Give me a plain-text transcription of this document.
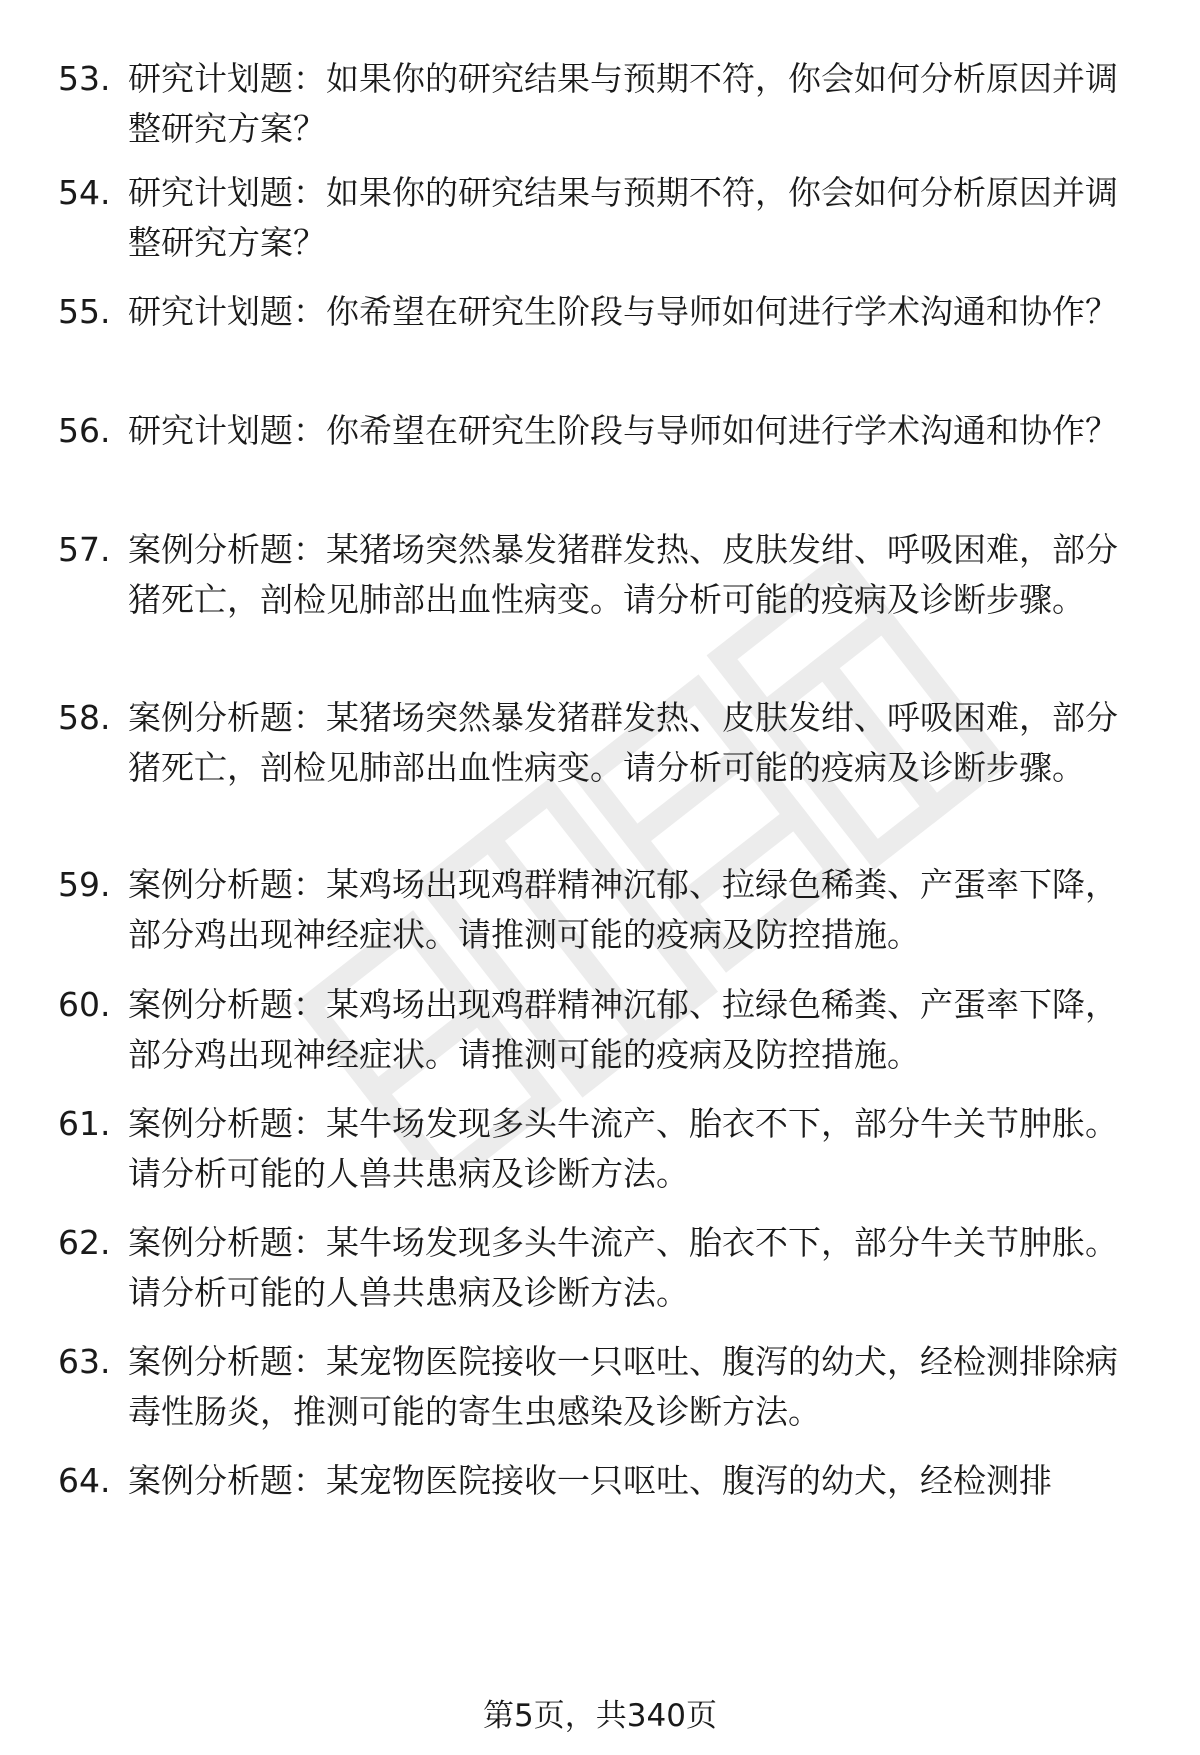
53. 研究计划题：如果你的研究结果与预期不符，你会如何分析原因并调整研究方案？
54. 研究计划题：如果你的研究结果与预期不符，你会如何分析原因并调整研究方案？
55. 研究计划题：你希望在研究生阶段与导师如何进行学术沟通和协作？
56. 研究计划题：你希望在研究生阶段与导师如何进行学术沟通和协作？
57. 案例分析题：某猪场突然暴发猪群发热、皮肤发绀、呼吸困难，部分猪死亡，剖检见肺部出血性病变。请分析可能的疫病及诊断步骤。
58. 案例分析题：某猪场突然暴发猪群发热、皮肤发绀、呼吸困难，部分猪死亡，剖检见肺部出血性病变。请分析可能的疫病及诊断步骤。
59. 案例分析题：某鸡场出现鸡群精神沉郁、拉绿色稀粪、产蛋率下降，部分鸡出现神经症状。请推测可能的疫病及防控措施。
60. 案例分析题：某鸡场出现鸡群精神沉郁、拉绿色稀粪、产蛋率下降，部分鸡出现神经症状。请推测可能的疫病及防控措施。
61. 案例分析题：某牛场发现多头牛流产、胎衣不下，部分牛关节肿胀。请分析可能的人兽共患病及诊断方法。
62. 案例分析题：某牛场发现多头牛流产、胎衣不下，部分牛关节肿胀。请分析可能的人兽共患病及诊断方法。
63. 案例分析题：某宠物医院接收一只呕吐、腹泻的幼犬，经检测排除病毒性肠炎，推测可能的寄生虫感染及诊断方法。
64. 案例分析题：某宠物医院接收一只呕吐、腹泻的幼犬，经检测排
第5页，共340页
